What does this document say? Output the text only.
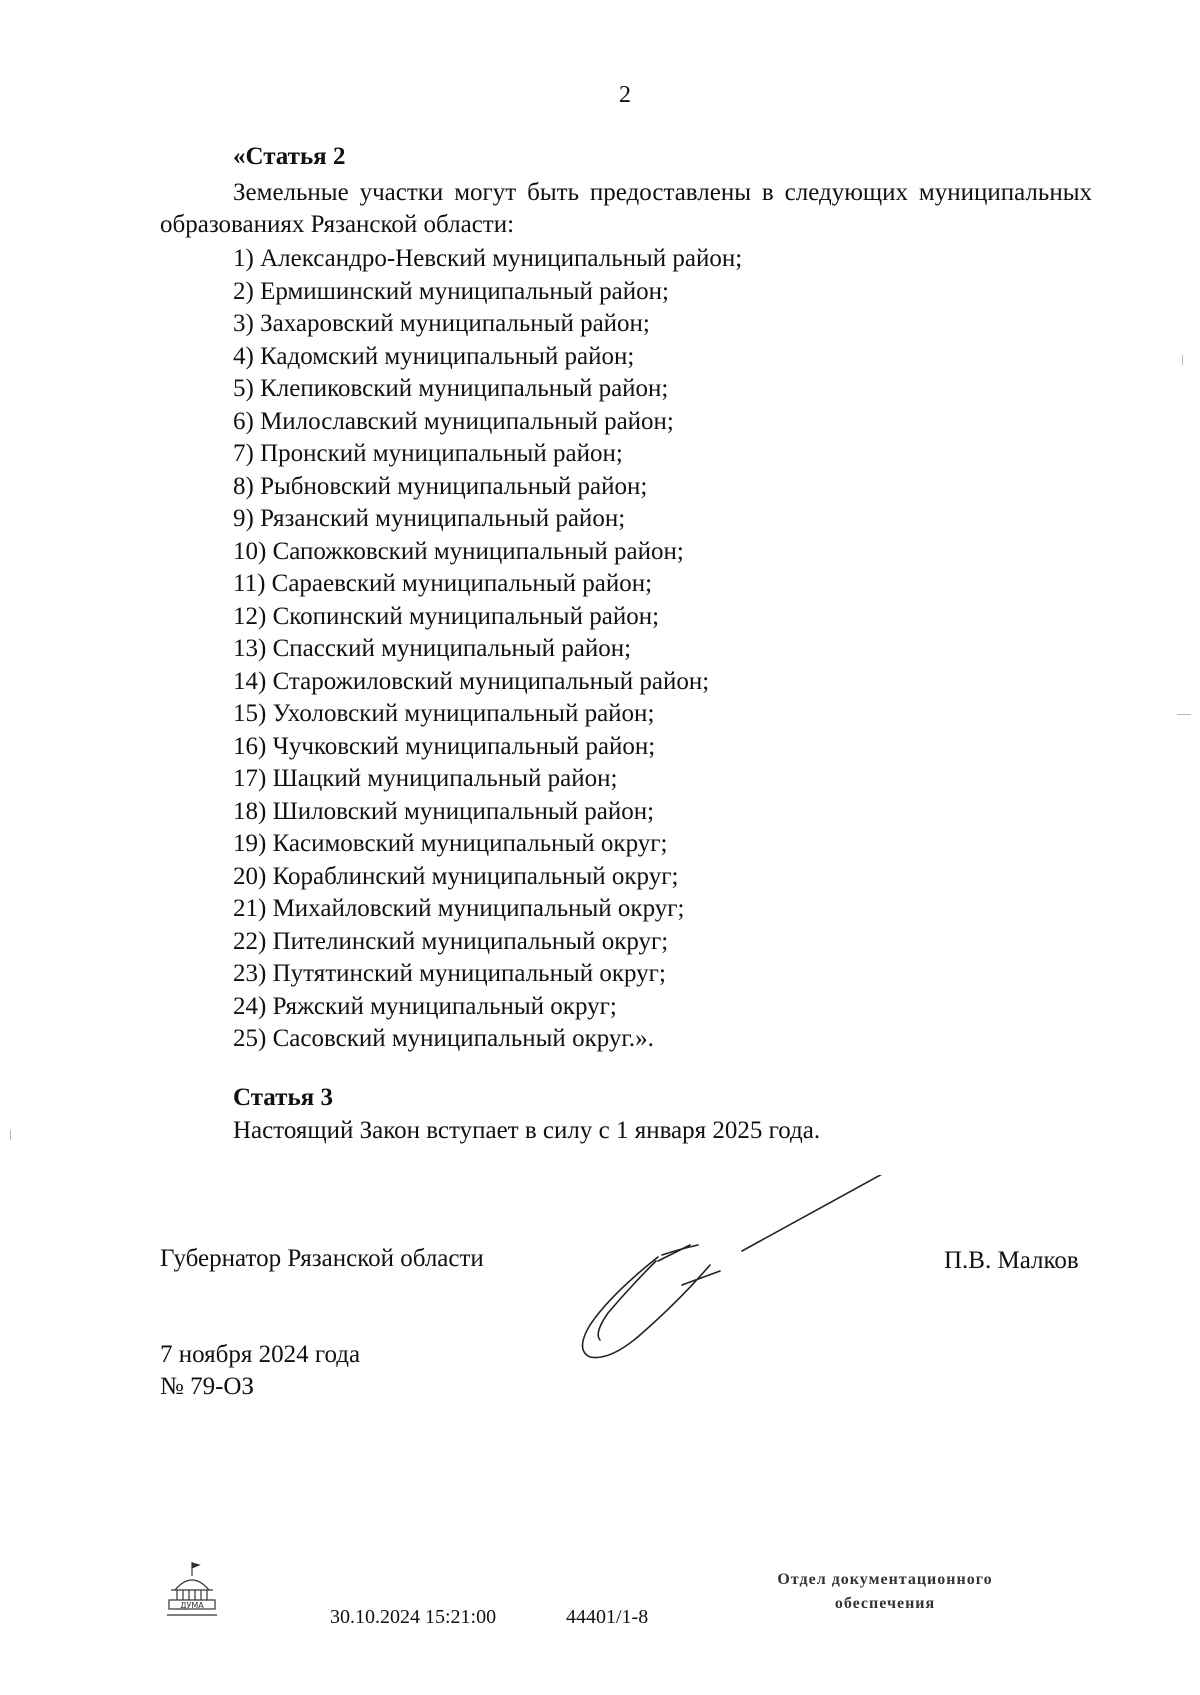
2
«Статья 2
Земельные участки могут быть предоставлены в следующих муниципальных образованиях Рязанской области:
1) Александро-Невский муниципальный район;
2) Ермишинский муниципальный район;
3) Захаровский муниципальный район;
4) Кадомский муниципальный район;
5) Клепиковский муниципальный район;
6) Милославский муниципальный район;
7) Пронский муниципальный район;
8) Рыбновский муниципальный район;
9) Рязанский муниципальный район;
10) Сапожковский муниципальный район;
11) Сараевский муниципальный район;
12) Скопинский муниципальный район;
13) Спасский муниципальный район;
14) Старожиловский муниципальный район;
15) Ухоловский муниципальный район;
16) Чучковский муниципальный район;
17) Шацкий муниципальный район;
18) Шиловский муниципальный район;
19) Касимовский муниципальный округ;
20) Кораблинский муниципальный округ;
21) Михайловский муниципальный округ;
22) Пителинский муниципальный округ;
23) Путятинский муниципальный округ;
24) Ряжский муниципальный округ;
25) Сасовский муниципальный округ.».
Статья 3
Настоящий Закон вступает в силу с 1 января 2025 года.
Губернатор Рязанской области	П.В. Малков
7 ноября 2024 года
№ 79-ОЗ
ДУМА
30.10.2024 15:21:00	44401/1-8
Отдел документационного обеспечения
